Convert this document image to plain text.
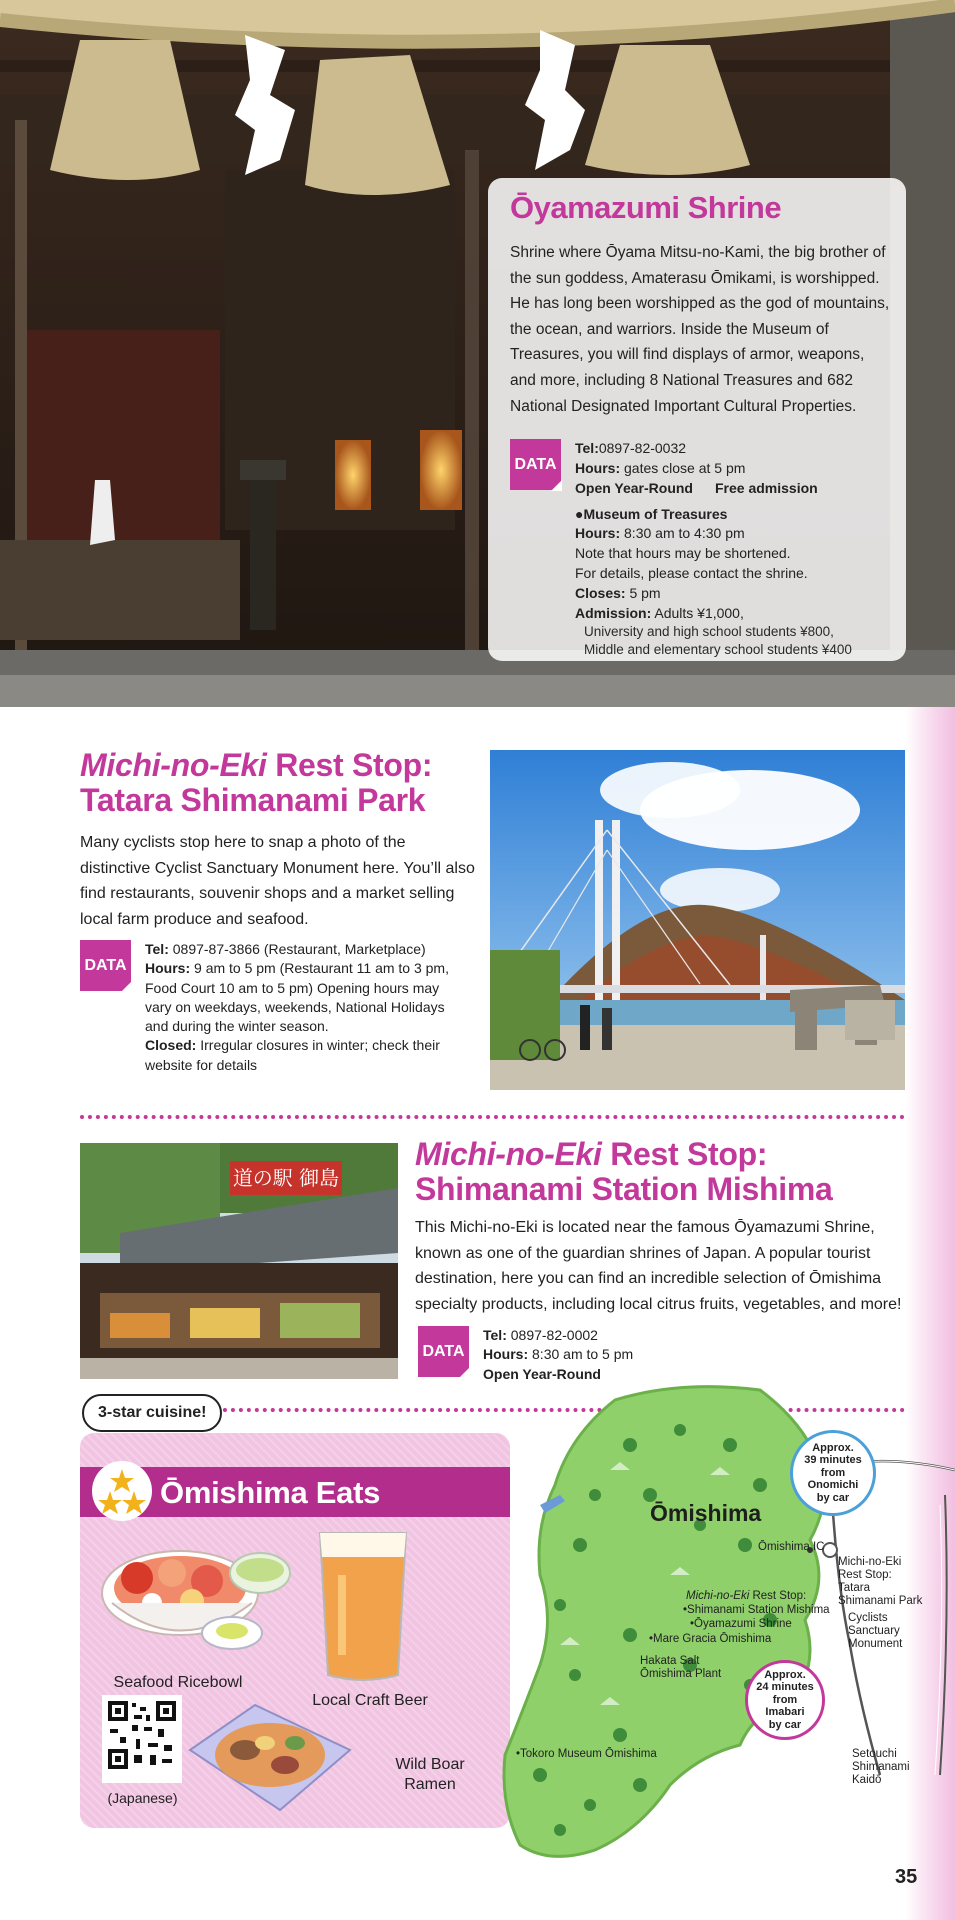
Ōyamazumi Shrine

Shrine where Ōyama Mitsu-no-Kami, the big brother of the sun goddess, Amaterasu Ōmikami, is worshipped. He has long been worshipped as the god of mountains, the ocean, and warriors. Inside the Museum of Treasures, you will find displays of armor, weapons, and more, including 8 National Treasures and 682 National Designated Important Cultural Properties.

DATA
Tel:0897-82-0032
Hours: gates close at 5 pm
Open Year-Round Free admission
●Museum of Treasures
Hours: 8:30 am to 4:30 pm
Note that hours may be shortened.
For details, please contact the shrine.
Closes: 5 pm
Admission: Adults ¥1,000,
University and high school students ¥800,
Middle and elementary school students ¥400
Michi-no-Eki Rest Stop:
Tatara Shimanami Park

Many cyclists stop here to snap a photo of the distinctive Cyclist Sanctuary Monument here. You’ll also find restaurants, souvenir shops and a market selling local farm produce and seafood.

DATA
Tel: 0897-87-3866 (Restaurant, Marketplace)
Hours: 9 am to 5 pm (Restaurant 11 am to 3 pm, Food Court 10 am to 5 pm) Opening hours may vary on weekdays, weekends, National Holidays and during the winter season.
Closed: Irregular closures in winter; check their website for details
道の駅 御島
Michi-no-Eki Rest Stop:
Shimanami Station Mishima

This Michi-no-Eki is located near the famous Ōyamazumi Shrine, known as one of the guardian shrines of Japan. A popular tourist destination, here you can find an incredible selection of Ōmishima specialty products, including local citrus fruits, vegetables, and more!

DATA
Tel: 0897-82-0002
Hours: 8:30 am to 5 pm
Open Year-Round
Ōmishima Eats
Seafood Ricebowl
Local Craft Beer
Wild Boar
Ramen
(Japanese)
3-star cuisine!
Ōmishima
Ōmishima IC
Michi-no-Eki
Rest Stop:
Tatara
Shimanami Park
Cyclists
Sanctuary
Monument
Michi-no-Eki Rest Stop:
•Shimanami Station Mishima
•Ōyamazumi Shrine
•Mare Gracia Ōmishima
Hakata Salt
Ōmishima Plant
•Tokoro Museum Ōmishima	Setouchi
Shimanami
Kaidō
Approx.
39 minutes
from
Onomichi
by car
Approx.
24 minutes
from
Imabari
by car
35
